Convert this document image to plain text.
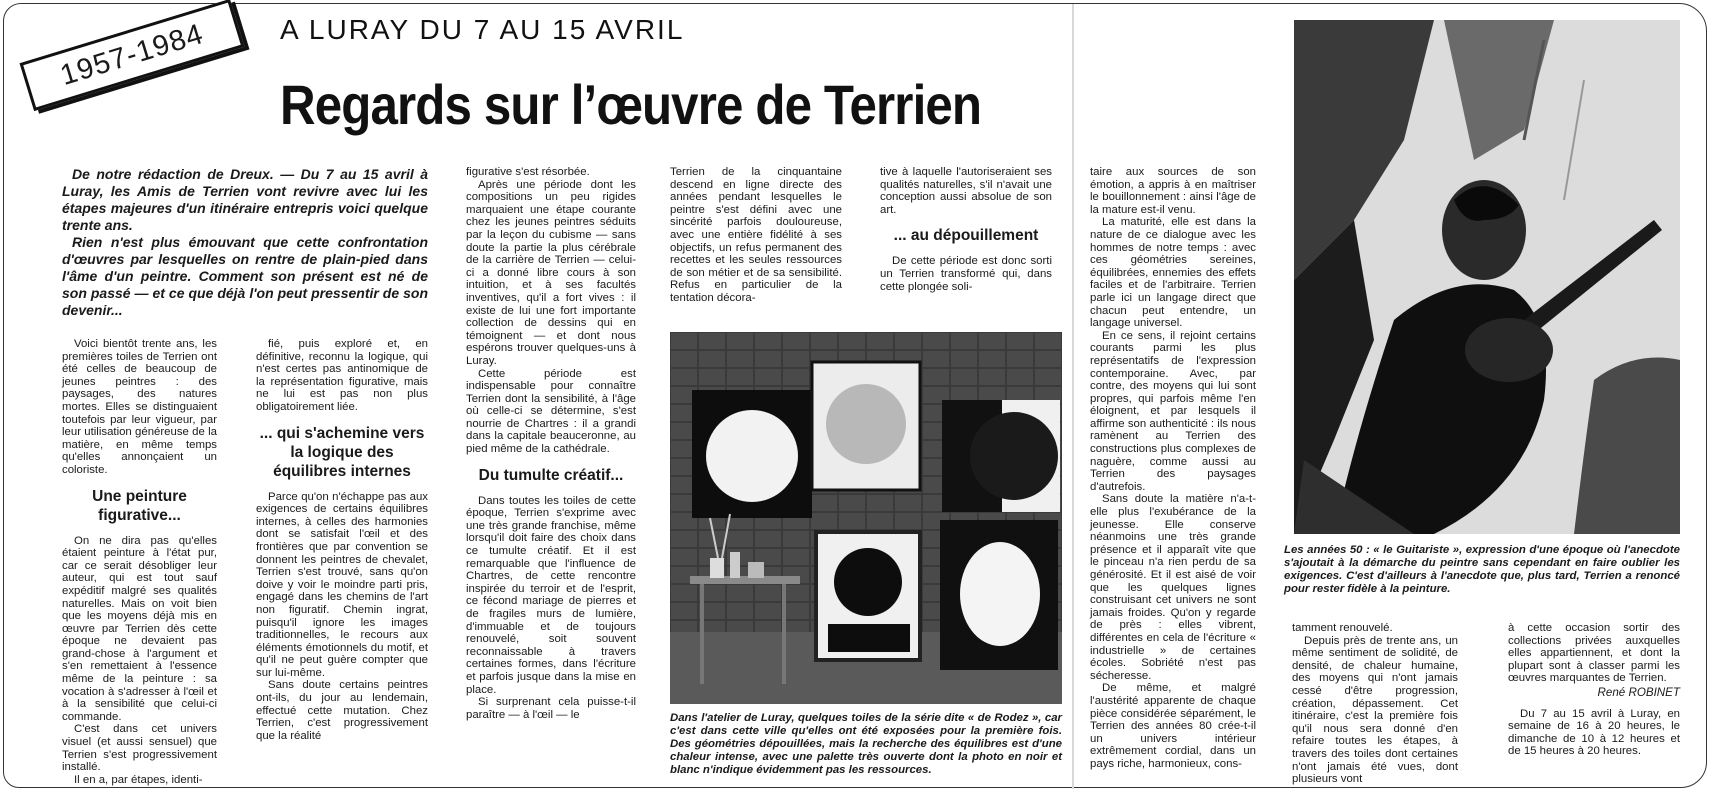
1957-1984	A LURAY DU 7 AU 15 AVRIL
Regards sur l’œuvre de Terrien

De notre rédaction de Dreux. — Du 7 au 15 avril à Luray, les Amis de Terrien vont revivre avec lui les étapes majeures d'un itinéraire entrepris voici quelque trente ans.

Rien n'est plus émouvant que cette confrontation d'œuvres par lesquelles on rentre de plain-pied dans l'âme d'un peintre. Comment son présent est né de son passé — et ce que déjà l'on peut pressentir de son devenir...

Voici bientôt trente ans, les premières toiles de Terrien ont été celles de beaucoup de jeunes peintres : des paysages, des natures mortes. Elles se distinguaient toutefois par leur vigueur, par leur utilisation généreuse de la matière, en même temps qu'elles annonçaient un coloriste.

Une peinture figurative...

On ne dira pas qu'elles étaient peinture à l'état pur, car ce serait désobliger leur auteur, qui est tout sauf expéditif malgré ses qualités naturelles. Mais on voit bien que les moyens déjà mis en œuvre par Terrien dès cette époque ne devaient pas grand-chose à l'argument et s'en remettaient à l'essence même de la peinture : sa vocation à s'adresser à l'œil et à la sensibilité que celui-ci commande.

C'est dans cet univers visuel (et aussi sensuel) que Terrien s'est progressivement installé.

Il en a, par étapes, identi-

fié, puis exploré et, en définitive, reconnu la logique, qui n'est certes pas antinomique de la représentation figurative, mais ne lui est pas non plus obligatoirement liée.

... qui s'achemine vers la logique des équilibres internes

Parce qu'on n'échappe pas aux exigences de certains équilibres internes, à celles des harmonies dont se satisfait l'œil et des frontières que par convention se donnent les peintres de chevalet, Terrien s'est trouvé, sans qu'on doive y voir le moindre parti pris, engagé dans les chemins de l'art non figuratif. Chemin ingrat, puisqu'il ignore les images traditionnelles, le recours aux éléments émotionnels du motif, et qu'il ne peut guère compter que sur lui-même.

Sans doute certains peintres ont-ils, du jour au lendemain, effectué cette mutation. Chez Terrien, c'est progressivement que la réalité

figurative s'est résorbée.

Après une période dont les compositions un peu rigides marquaient une étape courante chez les jeunes peintres séduits par la leçon du cubisme — sans doute la partie la plus cérébrale de la carrière de Terrien — celui-ci a donné libre cours à son intuition, et à ses facultés inventives, qu'il a fort vives : il existe de lui une fort importante collection de dessins qui en témoignent — et dont nous espérons trouver quelques-uns à Luray.

Cette période est indispensable pour connaître Terrien dont la sensibilité, à l'âge où celle-ci se détermine, s'est nourrie de Chartres : il a grandi dans la capitale beauceronne, au pied même de la cathédrale.

Du tumulte créatif...

Dans toutes les toiles de cette époque, Terrien s'exprime avec une très grande franchise, même lorsqu'il doit faire des choix dans ce tumulte créatif. Et il est remarquable que l'influence de Chartres, de cette rencontre inspirée du terroir et de l'esprit, ce fécond mariage de pierres et de fragiles murs de lumière, d'immuable et de toujours renouvelé, soit souvent reconnaissable à travers certaines formes, dans l'écriture et parfois jusque dans la mise en place.

Si surprenant cela puisse-t-il paraître — à l'œil — le

Terrien de la cinquantaine descend en ligne directe des années pendant lesquelles le peintre s'est défini avec une sincérité parfois douloureuse, avec une entière fidélité à ses objectifs, un refus permanent des recettes et les seules ressources de son métier et de sa sensibilité. Refus en particulier de la tentation décora-

tive à laquelle l'autoriseraient ses qualités naturelles, s'il n'avait une conception aussi absolue de son art.

... au dépouillement

De cette période est donc sorti un Terrien transformé qui, dans cette plongée soli-

Dans l'atelier de Luray, quelques toiles de la série dite « de Rodez », car c'est dans cette ville qu'elles ont été exposées pour la première fois. Des géométries dépouillées, mais la recherche des équilibres est d'une chaleur intense, avec une palette très ouverte dont la photo en noir et blanc n'indique évidemment pas les ressources.

taire aux sources de son émotion, a appris à en maîtriser le bouillonnement : ainsi l'âge de la mature est-il venu.

La maturité, elle est dans la nature de ce dialogue avec les hommes de notre temps : avec ces géométries sereines, équilibrées, ennemies des effets faciles et de l'arbitraire. Terrien parle ici un langage direct que chacun peut entendre, un langage universel.

En ce sens, il rejoint certains courants parmi les plus représentatifs de l'expression contemporaine. Avec, par contre, des moyens qui lui sont propres, qui parfois même l'en éloignent, et par lesquels il affirme son authenticité : ils nous ramènent au Terrien des constructions plus complexes de naguère, comme aussi au Terrien des paysages d'autrefois.

Sans doute la matière n'a-t-elle plus l'exubérance de la jeunesse. Elle conserve néanmoins une très grande présence et il apparaît vite que le pinceau n'a rien perdu de sa générosité. Et il est aisé de voir que les quelques lignes construisant cet univers ne sont jamais froides. Qu'on y regarde de près : elles vibrent, différentes en cela de l'écriture « industrielle » de certaines écoles. Sobriété n'est pas sécheresse.

De même, et malgré l'austérité apparente de chaque pièce considérée séparément, le Terrien des années 80 crée-t-il un univers intérieur extrêmement cordial, dans un pays riche, harmonieux, cons-

Les années 50 : « le Guitariste », expression d'une époque où l'anecdote s'ajoutait à la démarche du peintre sans cependant en faire oublier les exigences. C'est d'ailleurs à l'anecdote que, plus tard, Terrien a renoncé pour rester fidèle à la peinture.

tamment renouvelé.

Depuis près de trente ans, un même sentiment de solidité, de densité, de chaleur humaine, des moyens qui n'ont jamais cessé d'être progression, création, dépassement. Cet itinéraire, c'est la première fois qu'il nous sera donné d'en refaire toutes les étapes, à travers des toiles dont certaines n'ont jamais été vues, dont plusieurs vont

à cette occasion sortir des collections privées auxquelles elles appartiennent, et dont la plupart sont à classer parmi les œuvres marquantes de Terrien.

René ROBINET

Du 7 au 15 avril à Luray, en semaine de 16 à 20 heures, le dimanche de 10 à 12 heures et de 15 heures à 20 heures.
